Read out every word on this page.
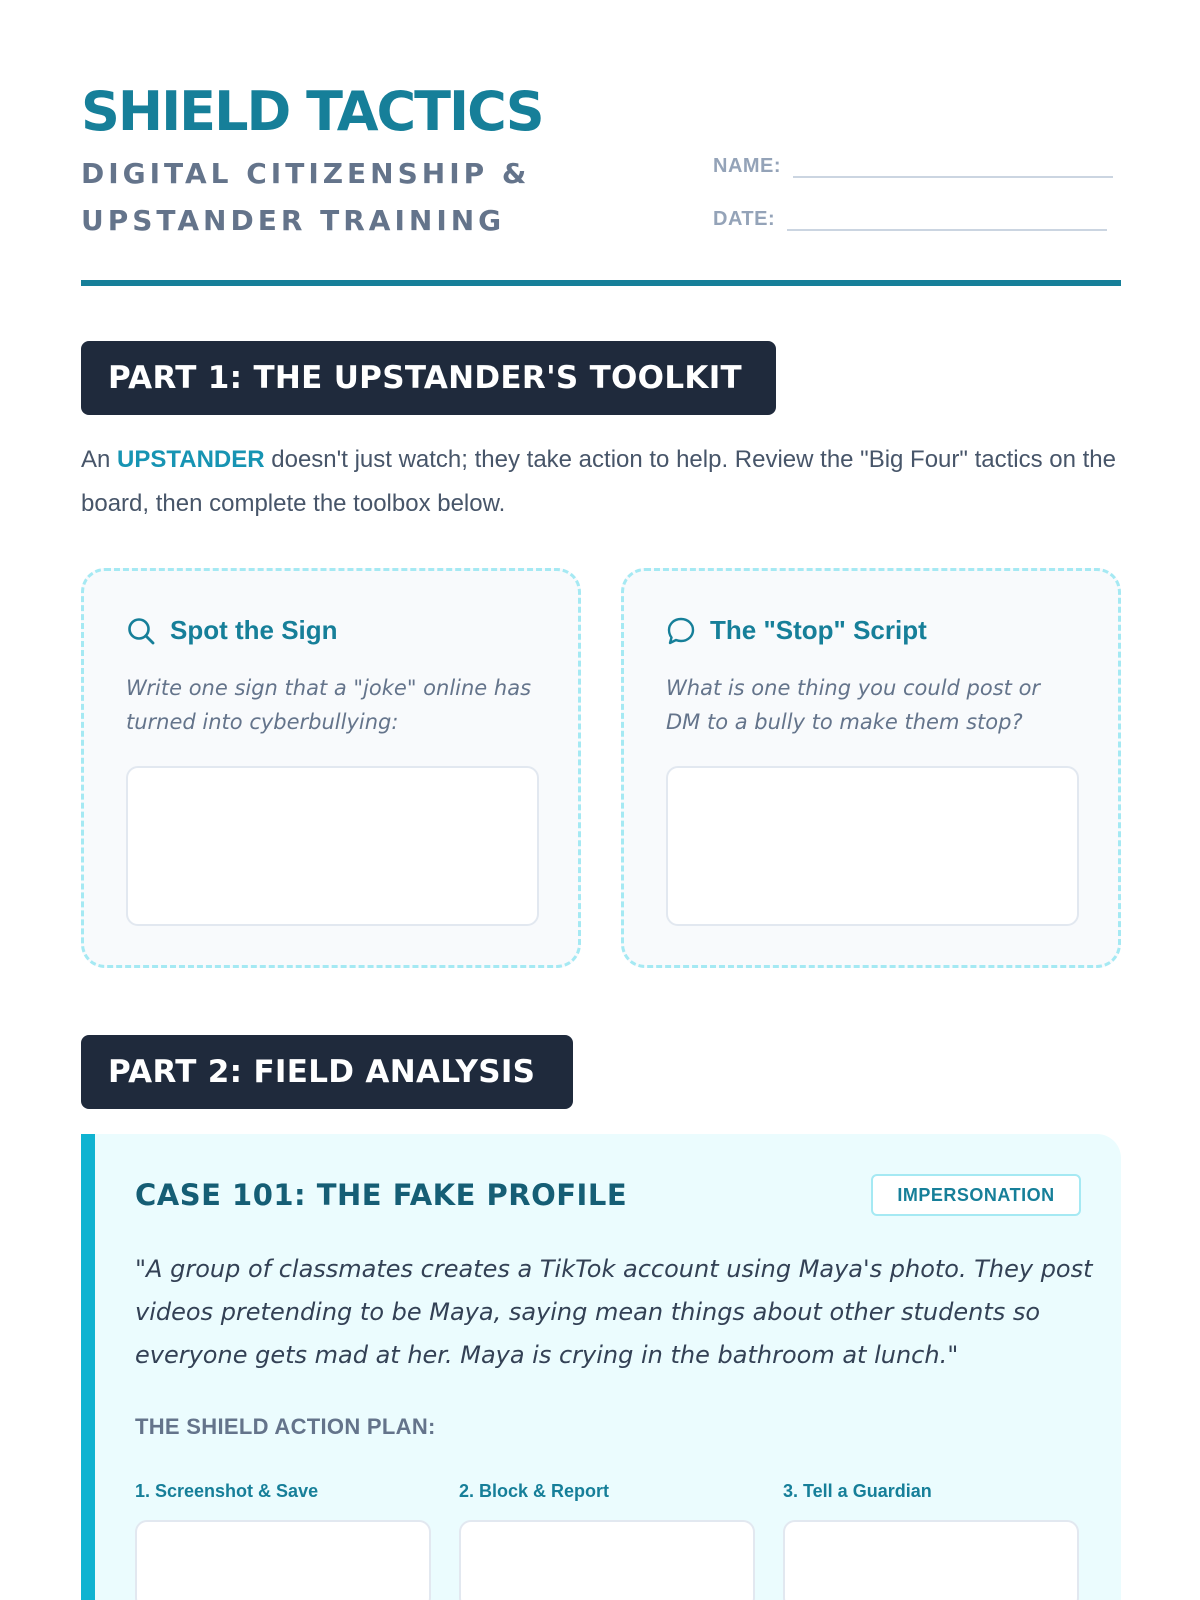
SHIELD TACTICS
DIGITAL CITIZENSHIP & UPSTANDER TRAINING
NAME:
DATE:
PART 1: THE UPSTANDER'S TOOLKIT

An UPSTANDER doesn't just watch; they take action to help. Review the "Big Four" tactics on the board, then complete the toolbox below.

Spot the Sign
Write one sign that a "joke" online has turned into cyberbullying:
The "Stop" Script
What is one thing you could post or DM to a bully to make them stop?
PART 2: FIELD ANALYSIS
CASE 101: THE FAKE PROFILE	IMPERSONATION
"A group of classmates creates a TikTok account using Maya's photo. They post videos pretending to be Maya, saying mean things about other students so everyone gets mad at her. Maya is crying in the bathroom at lunch."
THE SHIELD ACTION PLAN:
1. Screenshot & Save	2. Block & Report	3. Tell a Guardian
